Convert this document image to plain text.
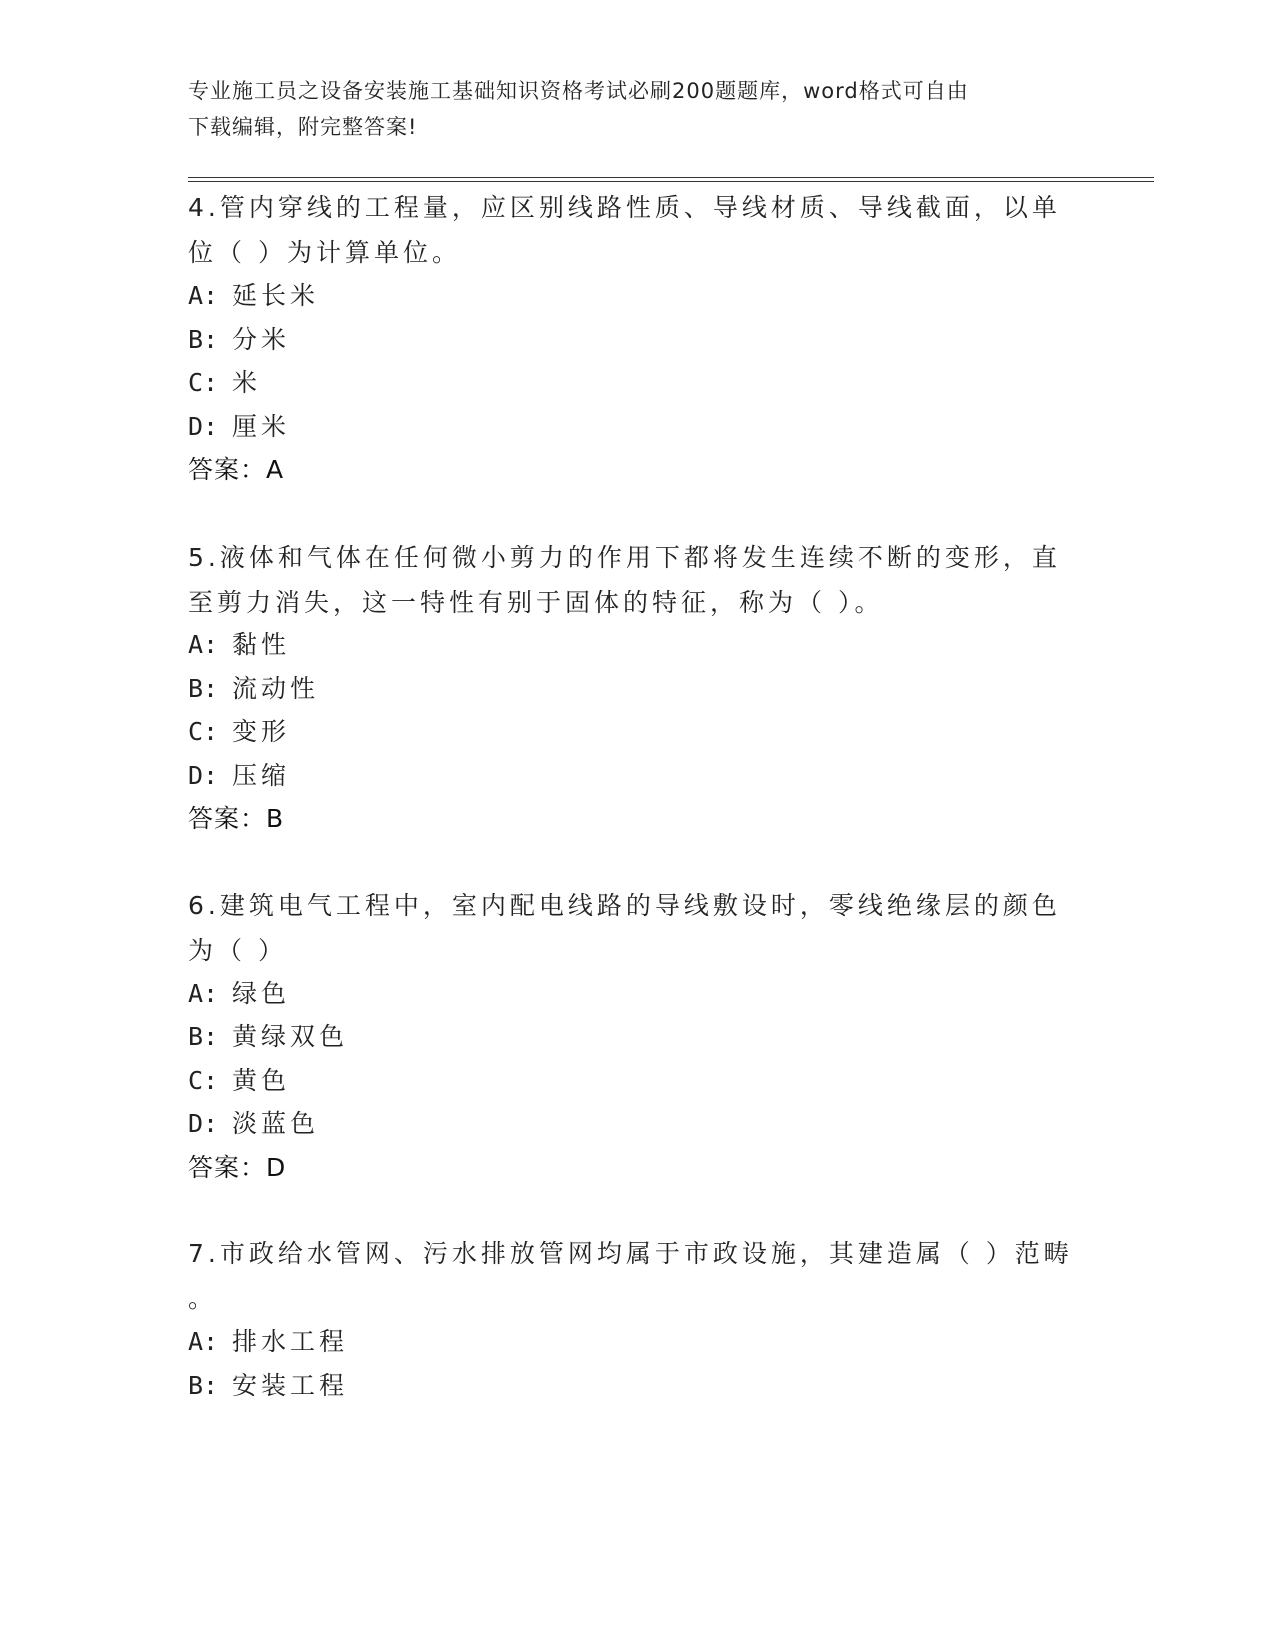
专业施工员之设备安装施工基础知识资格考试必刷200题题库，word格式可自由
下载编辑，附完整答案!
4.管内穿线的工程量，应区别线路性质、导线材质、导线截面，以单
位（ ）为计算单位。
A: 延长米
B: 分米
C: 米
D: 厘米
答案：A
5.液体和气体在任何微小剪力的作用下都将发生连续不断的变形，直
至剪力消失，这一特性有别于固体的特征，称为（ ）。
A: 黏性
B: 流动性
C: 变形
D: 压缩
答案：B
6.建筑电气工程中，室内配电线路的导线敷设时，零线绝缘层的颜色
为（ ）
A: 绿色
B: 黄绿双色
C: 黄色
D: 淡蓝色
答案：D
7.市政给水管网、污水排放管网均属于市政设施，其建造属（ ）范畴
。
A: 排水工程
B: 安装工程
